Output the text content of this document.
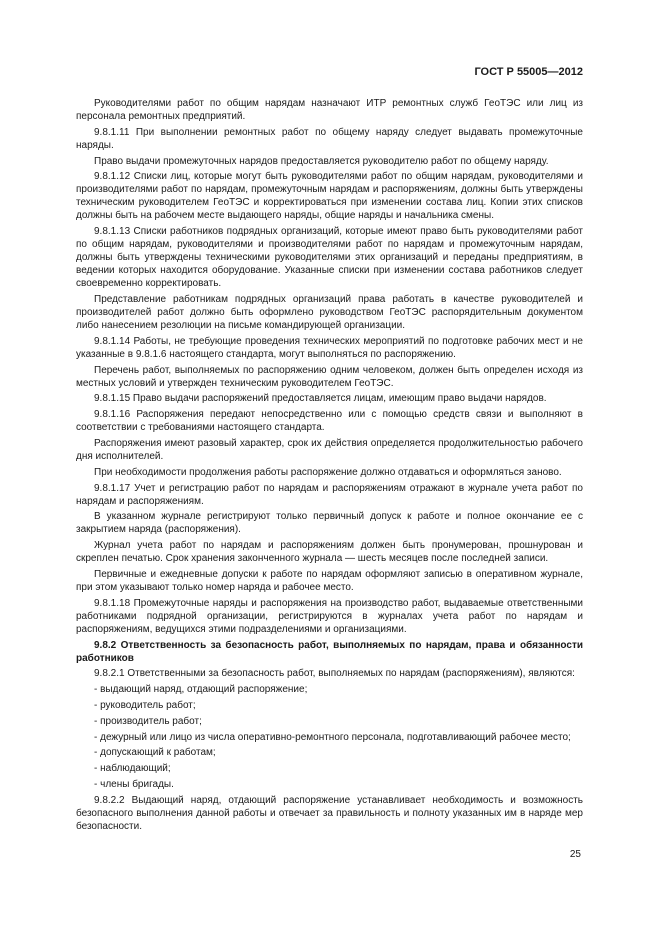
ГОСТ Р 55005—2012

Руководителями работ по общим нарядам назначают ИТР ремонтных служб ГеоТЭС или лиц из персонала ремонтных предприятий.

9.8.1.11 При выполнении ремонтных работ по общему наряду следует выдавать промежуточные наряды.

Право выдачи промежуточных нарядов предоставляется руководителю работ по общему наряду.

9.8.1.12 Списки лиц, которые могут быть руководителями работ по общим нарядам, руководителями и производителями работ по нарядам, промежуточным нарядам и распоряжениям, должны быть утверждены техническим руководителем ГеоТЭС и корректироваться при изменении состава лиц. Копии этих списков должны быть на рабочем месте выдающего наряды, общие наряды и начальника смены.

9.8.1.13 Списки работников подрядных организаций, которые имеют право быть руководителями работ по общим нарядам, руководителями и производителями работ по нарядам и промежуточным нарядам, должны быть утверждены техническими руководителями этих организаций и переданы предприятиям, в ведении которых находится оборудование. Указанные списки при изменении состава работников следует своевременно корректировать.

Представление работникам подрядных организаций права работать в качестве руководителей и производителей работ должно быть оформлено руководством ГеоТЭС распорядительным документом либо нанесением резолюции на письме командирующей организации.

9.8.1.14 Работы, не требующие проведения технических мероприятий по подготовке рабочих мест и не указанные в 9.8.1.6 настоящего стандарта, могут выполняться по распоряжению.

Перечень работ, выполняемых по распоряжению одним человеком, должен быть определен исходя из местных условий и утвержден техническим руководителем ГеоТЭС.

9.8.1.15 Право выдачи распоряжений предоставляется лицам, имеющим право выдачи нарядов.

9.8.1.16 Распоряжения передают непосредственно или с помощью средств связи и выполняют в соответствии с требованиями настоящего стандарта.

Распоряжения имеют разовый характер, срок их действия определяется продолжительностью рабочего дня исполнителей.

При необходимости продолжения работы распоряжение должно отдаваться и оформляться заново.

9.8.1.17 Учет и регистрацию работ по нарядам и распоряжениям отражают в журнале учета работ по нарядам и распоряжениям.

В указанном журнале регистрируют только первичный допуск к работе и полное окончание ее с закрытием наряда (распоряжения).

Журнал учета работ по нарядам и распоряжениям должен быть пронумерован, прошнурован и скреплен печатью. Срок хранения законченного журнала — шесть месяцев после последней записи.

Первичные и ежедневные допуски к работе по нарядам оформляют записью в оперативном журнале, при этом указывают только номер наряда и рабочее место.

9.8.1.18 Промежуточные наряды и распоряжения на производство работ, выдаваемые ответственными работниками подрядной организации, регистрируются в журналах учета работ по нарядам и распоряжениям, ведущихся этими подразделениями и организациями.

9.8.2 Ответственность за безопасность работ, выполняемых по нарядам, права и обязанности работников

9.8.2.1 Ответственными за безопасность работ, выполняемых по нарядам (распоряжениям), являются:

- выдающий наряд, отдающий распоряжение;

- руководитель работ;

- производитель работ;

- дежурный или лицо из числа оперативно-ремонтного персонала, подготавливающий рабочее место;

- допускающий к работам;

- наблюдающий;

- члены бригады.

9.8.2.2 Выдающий наряд, отдающий распоряжение устанавливает необходимость и возможность безопасного выполнения данной работы и отвечает за правильность и полноту указанных им в наряде мер безопасности.

25
